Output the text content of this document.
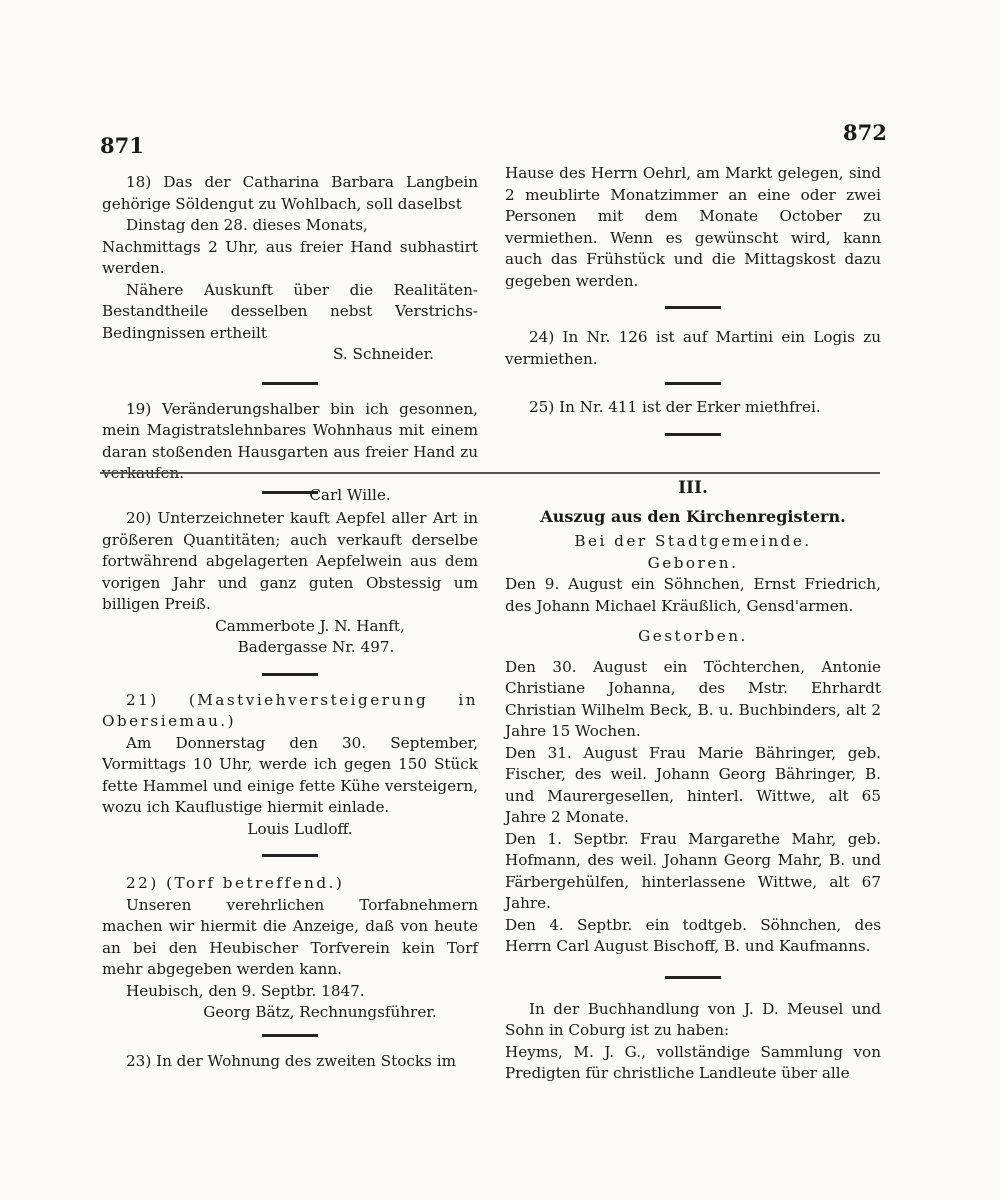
871
872

18) Das der Catharina Barbara Langbein gehörige Söldengut zu Wohlbach, soll daselbst

Dinstag den 28. dieses Monats,

Nachmittags 2 Uhr, aus freier Hand subhastirt werden.

Nähere Auskunft über die Realitäten-Bestandtheile desselben nebst Verstrichs-Bedingnissen ertheilt

S. Schneider.

19) Veränderungshalber bin ich gesonnen, mein Magistratslehnbares Wohnhaus mit einem daran stoßenden Hausgarten aus freier Hand zu verkaufen.

Carl Wille.

Hause des Herrn Oehrl, am Markt gelegen, sind 2 meublirte Monatzimmer an eine oder zwei Personen mit dem Monate October zu vermiethen. Wenn es gewünscht wird, kann auch das Frühstück und die Mittagskost dazu gegeben werden.

24) In Nr. 126 ist auf Martini ein Logis zu vermiethen.

25) In Nr. 411 ist der Erker miethfrei.

20) Unterzeichneter kauft Aepfel aller Art in größeren Quantitäten; auch verkauft derselbe fortwährend abgelagerten Aepfelwein aus dem vorigen Jahr und ganz guten Obstessig um billigen Preiß.

Cammerbote J. N. Hanft,

Badergasse Nr. 497.

21) (Mastviehversteigerung in Obersiemau.)

Am Donnerstag den 30. September, Vormittags 10 Uhr, werde ich gegen 150 Stück fette Hammel und einige fette Kühe versteigern, wozu ich Kauflustige hiermit einlade.

Louis Ludloff.

22) (Torf betreffend.)

Unseren verehrlichen Torfabnehmern machen wir hiermit die Anzeige, daß von heute an bei den Heubischer Torfverein kein Torf mehr abgegeben werden kann.

Heubisch, den 9. Septbr. 1847.

Georg Bätz, Rechnungsführer.

23) In der Wohnung des zweiten Stocks im

III.

Auszug aus den Kirchenregistern.

Bei der Stadtgemeinde.

Geboren.

Den 9. August ein Söhnchen, Ernst Friedrich, des Johann Michael Kräußlich, Gensd'armen.

Gestorben.

Den 30. August ein Töchterchen, Antonie Christiane Johanna, des Mstr. Ehrhardt Christian Wilhelm Beck, B. u. Buchbinders, alt 2 Jahre 15 Wochen.

Den 31. August Frau Marie Bähringer, geb. Fischer, des weil. Johann Georg Bähringer, B. und Maurergesellen, hinterl. Wittwe, alt 65 Jahre 2 Monate.

Den 1. Septbr. Frau Margarethe Mahr, geb. Hofmann, des weil. Johann Georg Mahr, B. und Färbergehülfen, hinterlassene Wittwe, alt 67 Jahre.

Den 4. Septbr. ein todtgeb. Söhnchen, des Herrn Carl August Bischoff, B. und Kaufmanns.

In der Buchhandlung von J. D. Meusel und Sohn in Coburg ist zu haben:

Heyms, M. J. G., vollständige Sammlung von Predigten für christliche Landleute über alle
